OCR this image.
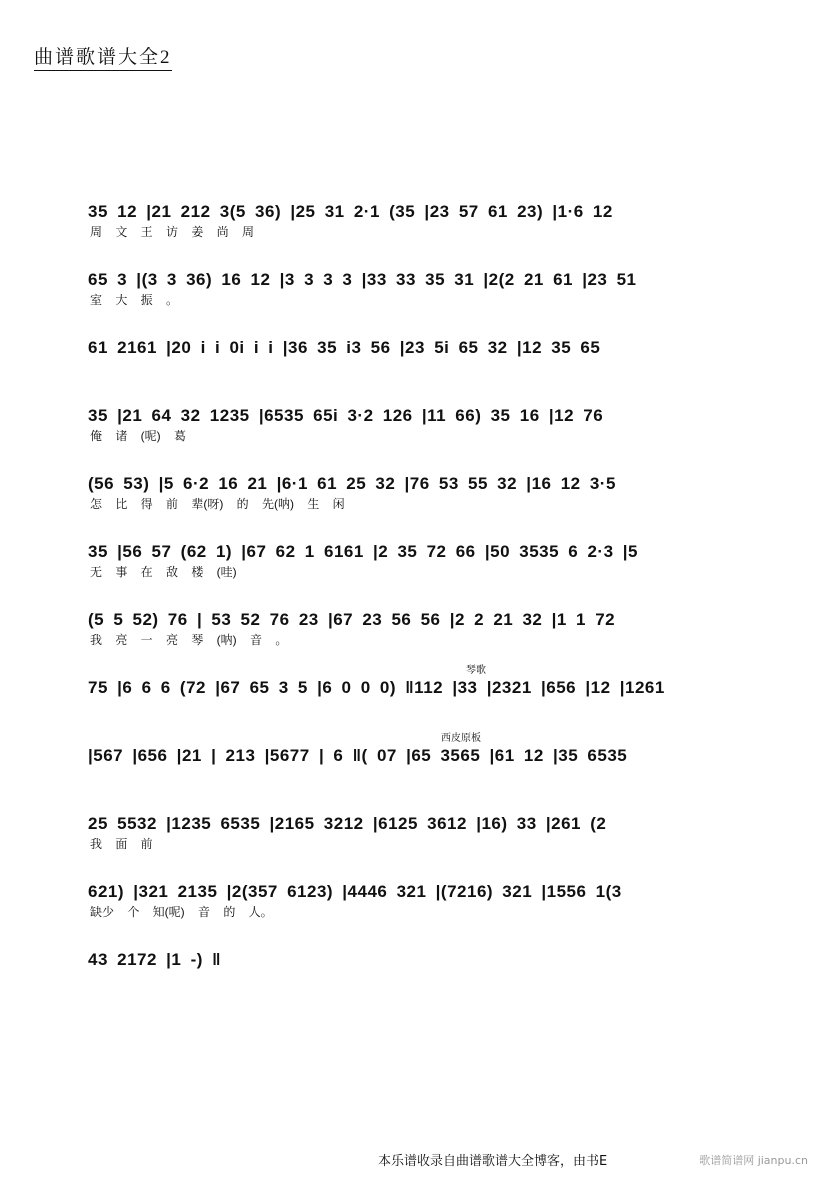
曲谱歌谱大全2
琴歌
西皮原板
35 12 |21 212 3(5 36) |25 31 2·1 (35 |23 57 61 23) |1·6 12
周 文 王 访 姜 尚 周
65 3 |(3 3 36) 16 12 |3 3 3 3 |33 33 35 31 |2(2 21 61 |23 51
室 大 振 。
61 2161 |20 i i 0i i i |36 35 i3 56 |23 5i 65 32 |12 35 65
35 |21 64 32 1235 |6535 65i 3·2 126 |11 66) 35 16 |12 76
俺 诸 (呢) 葛
(56 53) |5 6·2 16 21 |6·1 61 25 32 |76 53 55 32 |16 12 3·5
怎 比 得 前 辈(呀) 的 先(呐) 生 闲
35 |56 57 (62 1) |67 62 1 6161 |2 35 72 66 |50 3535 6 2·3 |5
无 事 在 敌 楼 (哇)
(5 5 52) 76 | 53 52 76 23 |67 23 56 56 |2 2 21 32 |1 1 72
我 亮 一 亮 琴 (呐) 音 。
75 |6 6 6 (72 |67 65 3 5 |6 0 0 0) ‖112 |33 |2321 |656 |12 |1261
|567 |656 |21 | 213 |5677 | 6 ‖( 07 |65 3565 |61 12 |35 6535
25 5532 |1235 6535 |2165 3212 |6125 3612 |16) 33 |261 (2
我 面 前
621) |321 2135 |2(357 6123) |4446 321 |(7216) 321 |1556 1(3
缺少 个 知(呢) 音 的 人。
43 2172 |1 -) ‖
本乐谱收录自曲谱歌谱大全博客，由书Ε	歌谱简谱网 jianpu.cn
